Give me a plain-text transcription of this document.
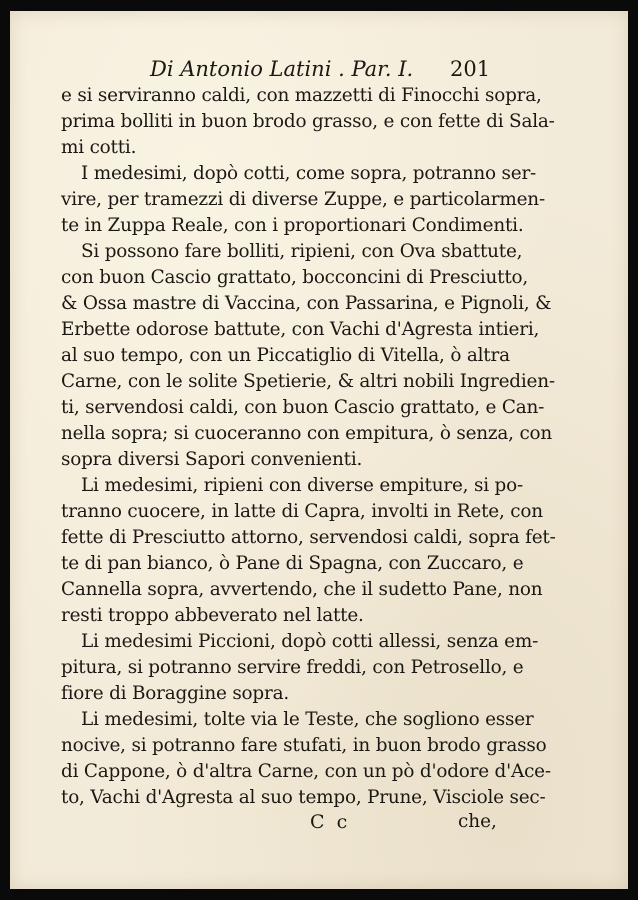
Di Antonio Latini . Par. I. 201
e si serviranno caldi, con mazzetti di Finocchi sopra,
prima bolliti in buon brodo grasso, e con fette di Sala-
mi cotti.
I medesimi, dopò cotti, come sopra, potranno ser-
vire, per tramezzi di diverse Zuppe, e particolarmen-
te in Zuppa Reale, con i proportionari Condimenti.
Si possono fare bolliti, ripieni, con Ova sbattute,
con buon Cascio grattato, bocconcini di Presciutto,
& Ossa mastre di Vaccina, con Passarina, e Pignoli, &
Erbette odorose battute, con Vachi d'Agresta intieri,
al suo tempo, con un Piccatiglio di Vitella, ò altra
Carne, con le solite Spetierie, & altri nobili Ingredien-
ti, servendosi caldi, con buon Cascio grattato, e Can-
nella sopra; si cuoceranno con empitura, ò senza, con
sopra diversi Sapori convenienti.
Li medesimi, ripieni con diverse empiture, si po-
tranno cuocere, in latte di Capra, involti in Rete, con
fette di Presciutto attorno, servendosi caldi, sopra fet-
te di pan bianco, ò Pane di Spagna, con Zuccaro, e
Cannella sopra, avvertendo, che il sudetto Pane, non
resti troppo abbeverato nel latte.
Li medesimi Piccioni, dopò cotti allessi, senza em-
pitura, si potranno servire freddi, con Petrosello, e
fiore di Boraggine sopra.
Li medesimi, tolte via le Teste, che sogliono esser
nocive, si potranno fare stufati, in buon brodo grasso
di Cappone, ò d'altra Carne, con un pò d'odore d'Ace-
to, Vachi d'Agresta al suo tempo, Prune, Visciole sec-
C c	che,
